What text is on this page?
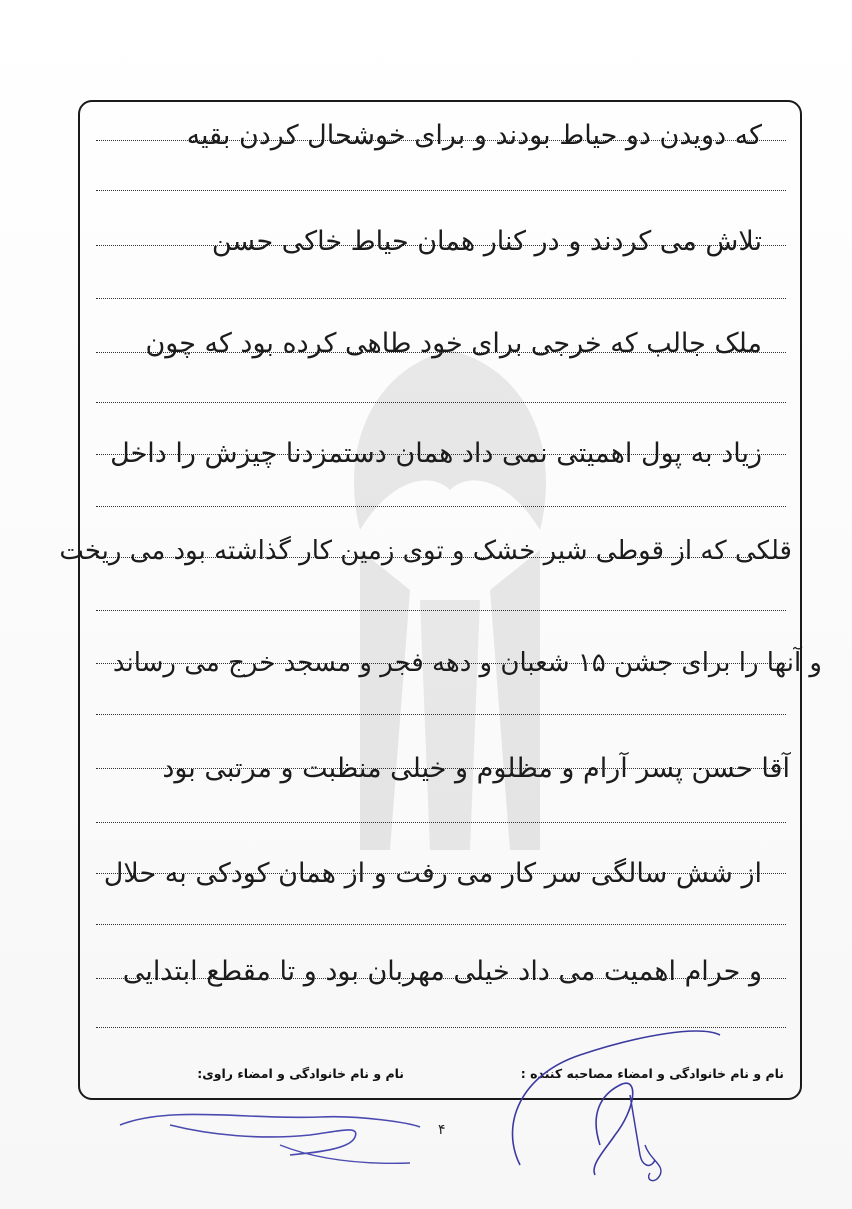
که دویدن دو حیاط بودند و برای خوشحال کردن بقیه
تلاش می کردند و در کنار همان حیاط خاکی حسن
ملک جالب که خرجی برای خود طاهی کرده بود که چون
زیاد به پول اهمیتی نمی داد همان دستمزدنا چیزش را داخل
قلکی که از قوطی شیر خشک و توی زمین کار گذاشته بود می ریخت
و آنها را برای جشن ۱۵ شعبان و دهه فجر و مسجد خرج می رساند
آقا حسن پسر آرام و مظلوم و خیلی منظبت و مرتبی بود
از شش سالگی سر کار می رفت و از همان کودکی به حلال
و حرام اهمیت می داد خیلی مهربان بود و تا مقطع ابتدایی
نام و نام خانوادگی و امضاء مصاحبه کننده :
نام و نام خانوادگی و امضاء راوی:
۴
